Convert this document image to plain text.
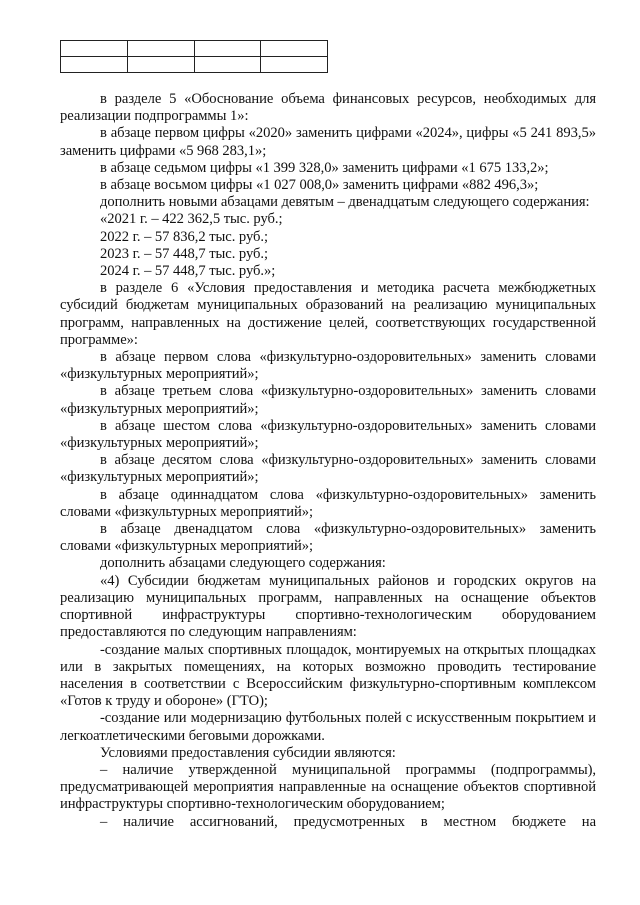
в разделе 5 «Обоснование объема финансовых ресурсов, необходимых для реализации подпрограммы 1»:

в абзаце первом цифры «2020» заменить цифрами «2024», цифры «5 241 893,5» заменить цифрами «5 968 283,1»;

в абзаце седьмом цифры «1 399 328,0» заменить цифрами «1 675 133,2»;

в абзаце восьмом цифры «1 027 008,0» заменить цифрами «882 496,3»;

дополнить новыми абзацами девятым – двенадцатым следующего содержания:

«2021 г. – 422 362,5 тыс. руб.;

2022 г. – 57 836,2 тыс. руб.;

2023 г. – 57 448,7 тыс. руб.;

2024 г. – 57 448,7 тыс. руб.»;

в разделе 6 «Условия предоставления и методика расчета межбюджетных субсидий бюджетам муниципальных образований на реализацию муниципальных программ, направленных на достижение целей, соответствующих государственной программе»:

в абзаце первом слова «физкультурно-оздоровительных» заменить словами «физкультурных мероприятий»;

в абзаце третьем слова «физкультурно-оздоровительных» заменить словами «физкультурных мероприятий»;

в абзаце шестом слова «физкультурно-оздоровительных» заменить словами «физкультурных мероприятий»;

в абзаце десятом слова «физкультурно-оздоровительных» заменить словами «физкультурных мероприятий»;

в абзаце одиннадцатом слова «физкультурно-оздоровительных» заменить словами «физкультурных мероприятий»;

в абзаце двенадцатом слова «физкультурно-оздоровительных» заменить словами «физкультурных мероприятий»;

дополнить абзацами следующего содержания:

«4) Субсидии бюджетам муниципальных районов и городских округов на реализацию муниципальных программ, направленных на оснащение объектов спортивной инфраструктуры спортивно-технологическим оборудованием предоставляются по следующим направлениям:

-создание малых спортивных площадок, монтируемых на открытых площадках или в закрытых помещениях, на которых возможно проводить тестирование населения в соответствии с Всероссийским физкультурно-спортивным комплексом «Готов к труду и обороне» (ГТО);

-создание или модернизацию футбольных полей с искусственным покрытием и легкоатлетическими беговыми дорожками.

Условиями предоставления субсидии являются:

– наличие утвержденной муниципальной программы (подпрограммы), предусматривающей мероприятия направленные на оснащение объектов спортивной инфраструктуры спортивно-технологическим оборудованием;

– наличие ассигнований, предусмотренных в местном бюджете на
